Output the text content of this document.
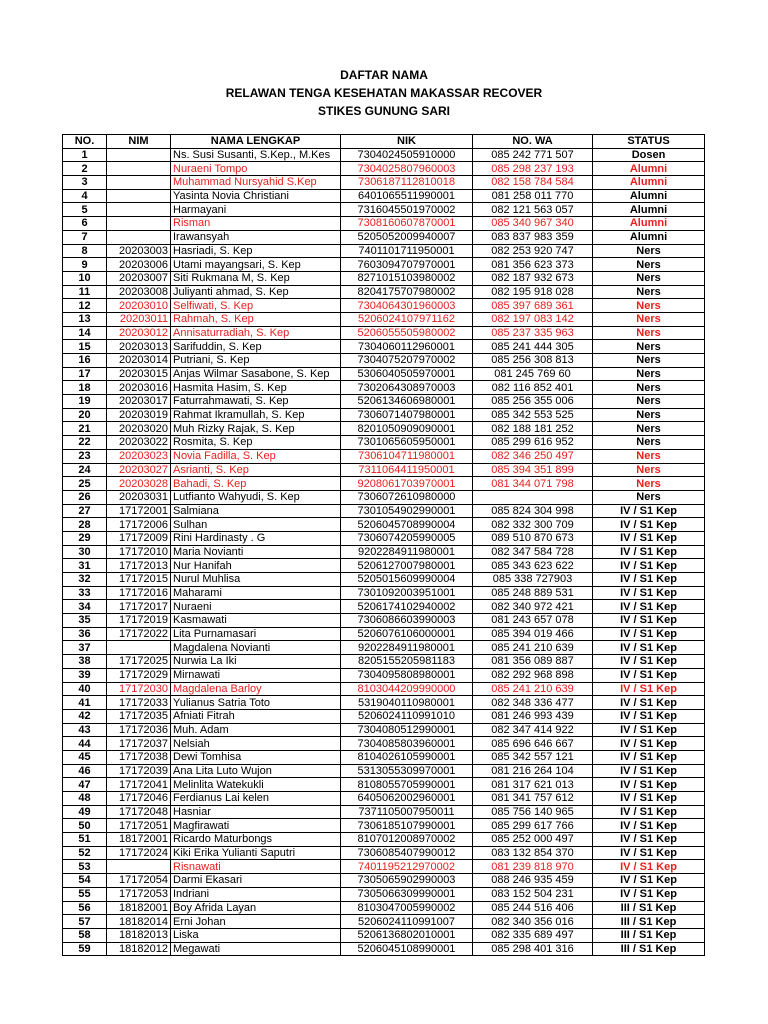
DAFTAR NAMA
RELAWAN TENGA KESEHATAN MAKASSAR RECOVER
STIKES GUNUNG SARI
NO.	NIM	NAMA LENGKAP	NIK	NO. WA	STATUS
1		Ns. Susi Susanti, S.Kep., M.Kes	7304024505910000	085 242 771 507	Dosen
2		Nuraeni Tompo	7304025807960003	085 298 237 193	Alumni
3		Muhammad Nursyahid S.Kep	7306187112810018	082 158 784 584	Alumni
4		Yasinta Novia Christiani	6401065511990001	081 258 011 770	Alumni
5		Harmayani	7316045501970002	082 121 563 057	Alumni
6		Risman	7308160607870001	085 340 967 340	Alumni
7		Irawansyah	5205052009940007	083 837 983 359	Alumni
8	20203003	Hasriadi, S. Kep	7401101711950001	082 253 920 747	Ners
9	20203006	Utami mayangsari, S. Kep	7603094707970001	081 356 623 373	Ners
10	20203007	Siti Rukmana M, S. Kep	8271015103980002	082 187 932 673	Ners
11	20203008	Juliyanti ahmad, S. Kep	8204175707980002	082 195 918 028	Ners
12	20203010	Selfiwati, S. Kep	7304064301960003	085 397 689 361	Ners
13	20203011	Rahmah, S. Kep	5206024107971162	082 197 083 142	Ners
14	20203012	Annisaturradiah, S. Kep	5206055505980002	085 237 335 963	Ners
15	20203013	Sarifuddin, S. Kep	7304060112960001	085 241 444 305	Ners
16	20203014	Putriani, S. Kep	7304075207970002	085 256 308 813	Ners
17	20203015	Anjas Wilmar Sasabone, S. Kep	5306040505970001	081 245 769 60	Ners
18	20203016	Hasmita Hasim, S. Kep	7302064308970003	082 116 852 401	Ners
19	20203017	Faturrahmawati, S. Kep	5206134606980001	085 256 355 006	Ners
20	20203019	Rahmat Ikramullah, S. Kep	7306071407980001	085 342 553 525	Ners
21	20203020	Muh Rizky Rajak, S. Kep	8201050909090001	082 188 181 252	Ners
22	20203022	Rosmita, S. Kep	7301065605950001	085 299 616 952	Ners
23	20203023	Novia Fadilla, S. Kep	7306104711980001	082 346 250 497	Ners
24	20203027	Asrianti, S. Kep	7311064411950001	085 394 351 899	Ners
25	20203028	Bahadi, S. Kep	9208061703970001	081 344 071 798	Ners
26	20203031	Lutfianto Wahyudi, S. Kep	7306072610980000		Ners
27	17172001	Salmiana	7301054902990001	085 824 304 998	IV / S1 Kep
28	17172006	Sulhan	5206045708990004	082 332 300 709	IV / S1 Kep
29	17172009	Rini Hardinasty . G	7306074205990005	089 510 870 673	IV / S1 Kep
30	17172010	Maria Novianti	9202284911980001	082 347 584 728	IV / S1 Kep
31	17172013	Nur Hanifah	5206127007980001	085 343 623 622	IV / S1 Kep
32	17172015	Nurul Muhlisa	5205015609990004	085 338 727903	IV / S1 Kep
33	17172016	Maharami	7301092003951001	085 248 889 531	IV / S1 Kep
34	17172017	Nuraeni	5206174102940002	082 340 972 421	IV / S1 Kep
35	17172019	Kasmawati	7306086603990003	081 243 657 078	IV / S1 Kep
36	17172022	Lita Purnamasari	5206076106000001	085 394 019 466	IV / S1 Kep
37		Magdalena Novianti	9202284911980001	085 241 210 639	IV / S1 Kep
38	17172025	Nurwia La Iki	8205155205981183	081 356 089 887	IV / S1 Kep
39	17172029	Mirnawati	7304095808980001	082 292 968 898	IV / S1 Kep
40	17172030	Magdalena Barloy	8103044209990000	085 241 210 639	IV / S1 Kep
41	17172033	Yulianus Satria Toto	5319040110980001	082 348 336 477	IV / S1 Kep
42	17172035	Afniati Fitrah	5206024110991010	081 246 993 439	IV / S1 Kep
43	17172036	Muh. Adam	7304080512990001	082 347 414 922	IV / S1 Kep
44	17172037	Nelsiah	7304085803960001	085 696 646 667	IV / S1 Kep
45	17172038	Dewi Tomhisa	8104026105990001	085 342 557 121	IV / S1 Kep
46	17172039	Ana Lita Luto Wujon	5313055309970001	081 216 264 104	IV / S1 Kep
47	17172041	Melinlita Watekukli	8108055705990001	081 317 621 013	IV / S1 Kep
48	17172046	Ferdianus Lai kelen	6405062002960001	081 341 757 612	IV / S1 Kep
49	17172048	Hasniar	7371105007950011	085 756 140 965	IV / S1 Kep
50	17172051	Magfirawati	7306185107990001	085 299 617 766	IV / S1 Kep
51	18172001	Ricardo Maturbongs	8107012008970002	085 252 000 497	IV / S1 Kep
52	17172024	Kiki Erika Yulianti Saputri	7306085407990012	083 132 854 370	IV / S1 Kep
53		Risnawati	7401195212970002	081 239 818 970	IV / S1 Kep
54	17172054	Darmi Ekasari	7305065902990003	088 246 935 459	IV / S1 Kep
55	17172053	Indriani	7305066309990001	083 152 504 231	IV / S1 Kep
56	18182001	Boy Afrida Layan	8103047005990002	085 244 516 406	III / S1 Kep
57	18182014	Erni Johan	5206024110991007	082 340 356 016	III / S1 Kep
58	18182013	Liska	5206136802010001	082 335 689 497	III / S1 Kep
59	18182012	Megawati	5206045108990001	085 298 401 316	III / S1 Kep
